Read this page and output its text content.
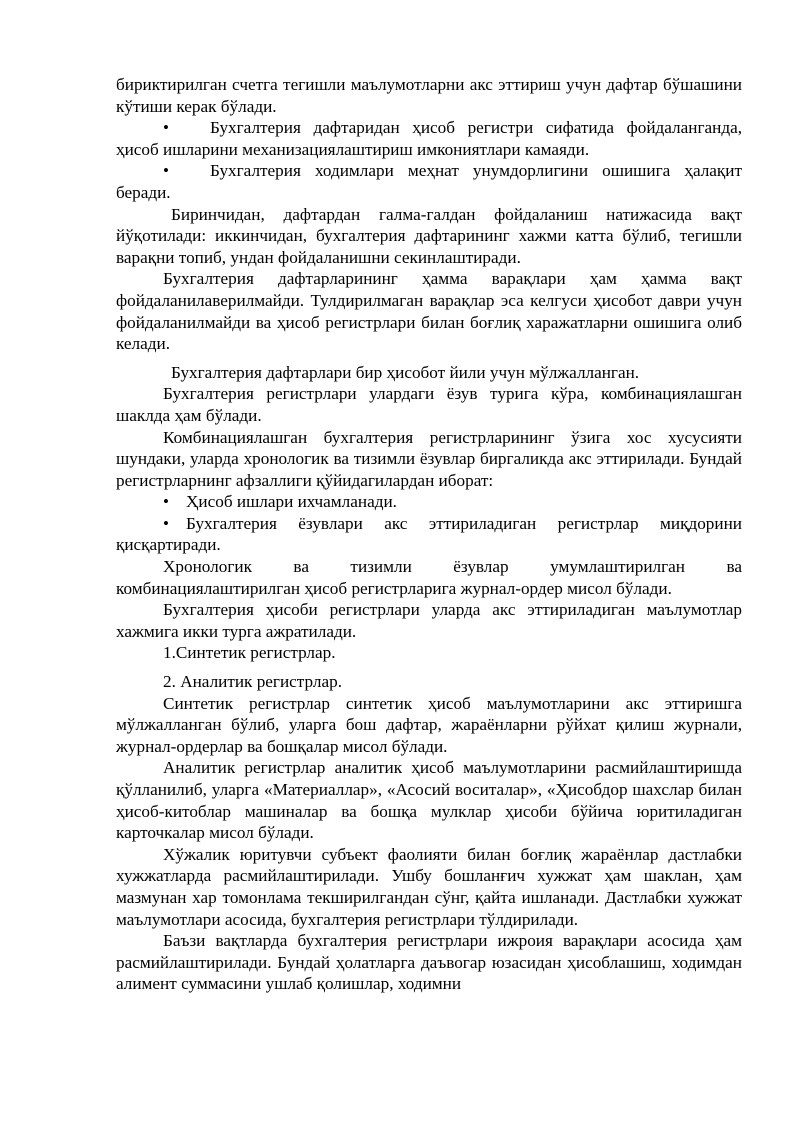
бириктирилган счетга тегишли маълумотларни акс эттириш учун дафтар бўшашини кўтиши керак бўлади.

•Бухгалтерия дафтаридан ҳисоб регистри сифатида фойдаланганда, ҳисоб ишларини механизациялаштириш имкониятлари камаяди.

•Бухгалтерия ходимлари меҳнат унумдорлигини ошишига ҳалақит беради.

Биринчидан, дафтардан галма-галдан фойдаланиш натижасида вақт йўқотилади: иккинчидан, бухгалтерия дафтарининг хажми катта бўлиб, тегишли варақни топиб, ундан фойдаланишни секинлаштиради.

Бухгалтерия дафтарларининг ҳамма варақлари ҳам ҳамма вақт фойдаланилаверилмайди. Тулдирилмаган варақлар эса келгуси ҳисобот даври учун фойдаланилмайди ва ҳисоб регистрлари билан боғлиқ харажатларни ошишига олиб келади.

Бухгалтерия дафтарлари бир ҳисобот йили учун мўлжалланган.

Бухгалтерия регистрлари улардаги ёзув турига кўра, комбинациялашган шаклда ҳам бўлади.

Комбинациялашган бухгалтерия регистрларининг ўзига хос хусусияти шундаки, уларда хронологик ва тизимли ёзувлар биргаликда акс эттирилади. Бундай регистрларнинг афзаллиги қўйидагилардан иборат:

•Ҳисоб ишлари ихчамланади.

•Бухгалтерия ёзувлари акс эттириладиган регистрлар миқдорини қисқартиради.

Хронологик ва тизимли ёзувлар умумлаштирилган ва комбинациялаштирилган ҳисоб регистрларига журнал-ордер мисол бўлади.

Бухгалтерия ҳисоби регистрлари уларда акс эттириладиган маълумотлар хажмига икки турга ажратилади.

1.Синтетик регистрлар.

2. Аналитик регистрлар.

Синтетик регистрлар синтетик ҳисоб маълумотларини акс эттиришга мўлжалланган бўлиб, уларга бош дафтар, жараёнларни рўйхат қилиш журнали, журнал-ордерлар ва бошқалар мисол бўлади.

Аналитик регистрлар аналитик ҳисоб маълумотларини расмийлаштиришда қўлланилиб, уларга «Материаллар», «Асосий воситалар», «Ҳисобдор шахслар билан ҳисоб-китоблар машиналар ва бошқа мулклар ҳисоби бўйича юритиладиган карточкалар мисол бўлади.

Хўжалик юритувчи субъект фаолияти билан боғлиқ жараёнлар дастлабки хужжатларда расмийлаштирилади. Ушбу бошланғич хужжат ҳам шаклан, ҳам мазмунан хар томонлама текширилгандан сўнг, қайта ишланади. Дастлабки хужжат маълумотлари асосида, бухгалтерия регистрлари тўлдирилади.

Баъзи вақтларда бухгалтерия регистрлари ижроия варақлари асосида ҳам расмийлаштирилади. Бундай ҳолатларга даъвогар юзасидан ҳисоблашиш, ходимдан алимент суммасини ушлаб қолишлар, ходимни
